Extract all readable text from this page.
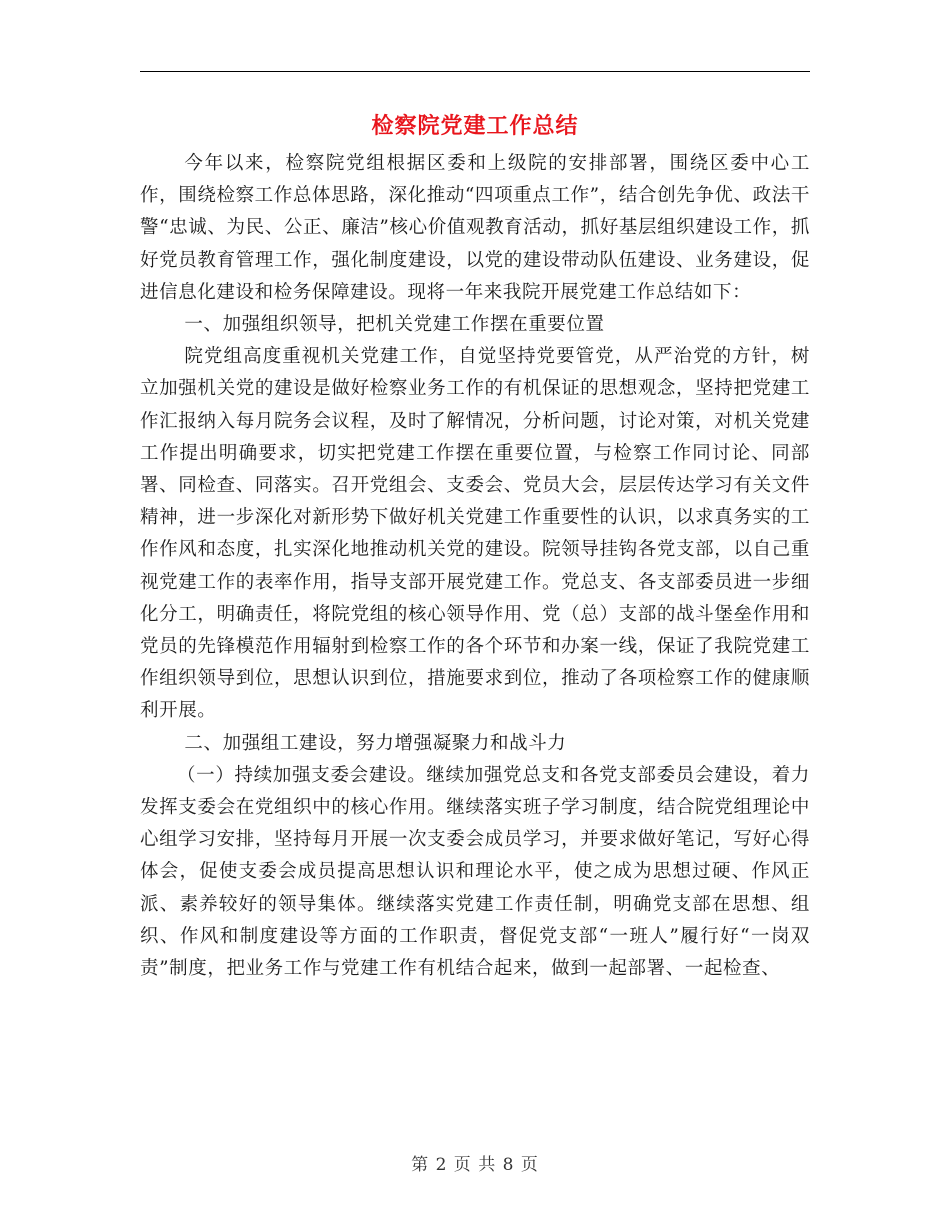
检察院党建工作总结

今年以来，检察院党组根据区委和上级院的安排部署，围绕区委中心工作，围绕检察工作总体思路，深化推动“四项重点工作”，结合创先争优、政法干警“忠诚、为民、公正、廉洁”核心价值观教育活动，抓好基层组织建设工作，抓好党员教育管理工作，强化制度建设，以党的建设带动队伍建设、业务建设，促进信息化建设和检务保障建设。现将一年来我院开展党建工作总结如下：

一、加强组织领导，把机关党建工作摆在重要位置

院党组高度重视机关党建工作，自觉坚持党要管党，从严治党的方针，树立加强机关党的建设是做好检察业务工作的有机保证的思想观念，坚持把党建工作汇报纳入每月院务会议程，及时了解情况，分析问题，讨论对策，对机关党建工作提出明确要求，切实把党建工作摆在重要位置，与检察工作同讨论、同部署、同检查、同落实。召开党组会、支委会、党员大会，层层传达学习有关文件精神，进一步深化对新形势下做好机关党建工作重要性的认识，以求真务实的工作作风和态度，扎实深化地推动机关党的建设。院领导挂钩各党支部，以自己重视党建工作的表率作用，指导支部开展党建工作。党总支、各支部委员进一步细化分工，明确责任，将院党组的核心领导作用、党（总）支部的战斗堡垒作用和党员的先锋模范作用辐射到检察工作的各个环节和办案一线，保证了我院党建工作组织领导到位，思想认识到位，措施要求到位，推动了各项检察工作的健康顺利开展。

二、加强组工建设，努力增强凝聚力和战斗力

（一）持续加强支委会建设。继续加强党总支和各党支部委员会建设，着力发挥支委会在党组织中的核心作用。继续落实班子学习制度，结合院党组理论中心组学习安排，坚持每月开展一次支委会成员学习，并要求做好笔记，写好心得体会，促使支委会成员提高思想认识和理论水平，使之成为思想过硬、作风正派、素养较好的领导集体。继续落实党建工作责任制，明确党支部在思想、组织、作风和制度建设等方面的工作职责，督促党支部“一班人”履行好“一岗双责”制度，把业务工作与党建工作有机结合起来，做到一起部署、一起检查、

第 2 页 共 8 页
